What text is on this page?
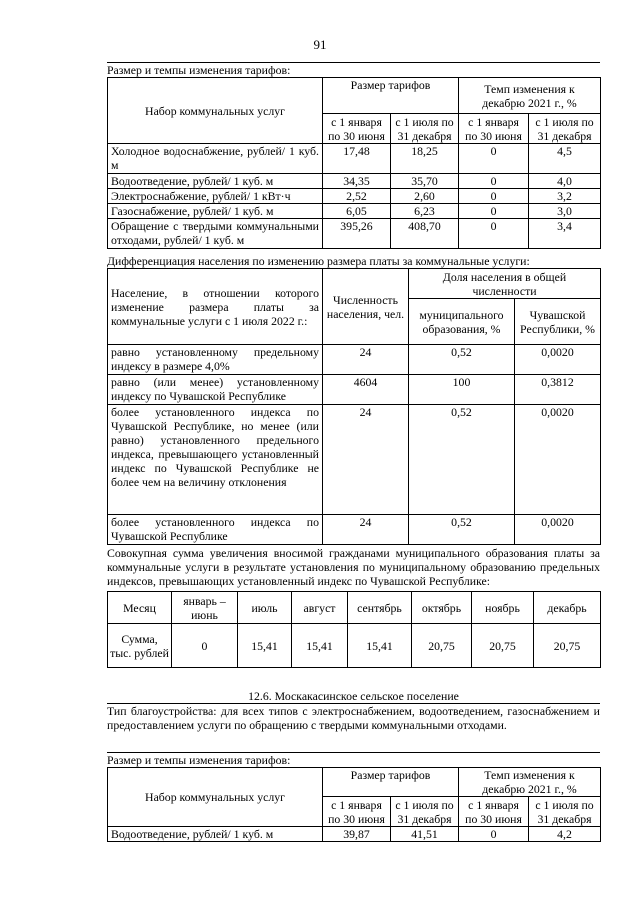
91
Размер и темпы изменения тарифов:
Набор коммунальных услуг	Размер тарифов		Темп изменения к декабрю 2021 г., %	
	с 1 января по 30 июня	с 1 июля по 31 декабря	с 1 января по 30 июня	с 1 июля по 31 декабря
Холодное водоснабжение, рублей/ 1 куб. м	17,48	18,25	0	4,5
Водоотведение, рублей/ 1 куб. м	34,35	35,70	0	4,0
Электроснабжение, рублей/ 1 кВт·ч	2,52	2,60	0	3,2
Газоснабжение, рублей/ 1 куб. м	6,05	6,23	0	3,0
Обращение с твердыми коммунальными отходами, рублей/ 1 куб. м	395,26	408,70	0	3,4
Дифференциация населения по изменению размера платы за коммунальные услуги:
Население, в отношении которого изменение размера платы за коммунальные услуги с 1 июля 2022 г.:	Численность населения, чел.	Доля населения в общей численности	
		муниципального образования, %	Чувашской Республики, %
равно установленному предельному индексу в размере 4,0%	24	0,52	0,0020
равно (или менее) установленному индексу по Чувашской Республике	4604	100	0,3812
более установленного индекса по Чувашской Республике, но менее (или равно) установленного предельного индекса, превышающего установленный индекс по Чувашской Республике не более чем на величину отклонения	24	0,52	0,0020
более установленного индекса по Чувашской Республике	24	0,52	0,0020
Совокупная сумма увеличения вносимой гражданами муниципального образования платы за коммунальные услуги в результате установления по муниципальному образованию предельных индексов, превышающих установленный индекс по Чувашской Республике:
Месяц	январь – июнь	июль	август	сентябрь	октябрь	ноябрь	декабрь
Сумма, тыс. рублей	0	15,41	15,41	15,41	20,75	20,75	20,75
12.6. Москакасинское сельское поселение
Тип благоустройства: для всех типов с электроснабжением, водоотведением, газоснабжением и предоставлением услуги по обращению с твердыми коммунальными отходами.
Размер и темпы изменения тарифов:
Набор коммунальных услуг	Размер тарифов		Темп изменения к декабрю 2021 г., %	
	с 1 января по 30 июня	с 1 июля по 31 декабря	с 1 января по 30 июня	с 1 июля по 31 декабря
Водоотведение, рублей/ 1 куб. м	39,87	41,51	0	4,2
